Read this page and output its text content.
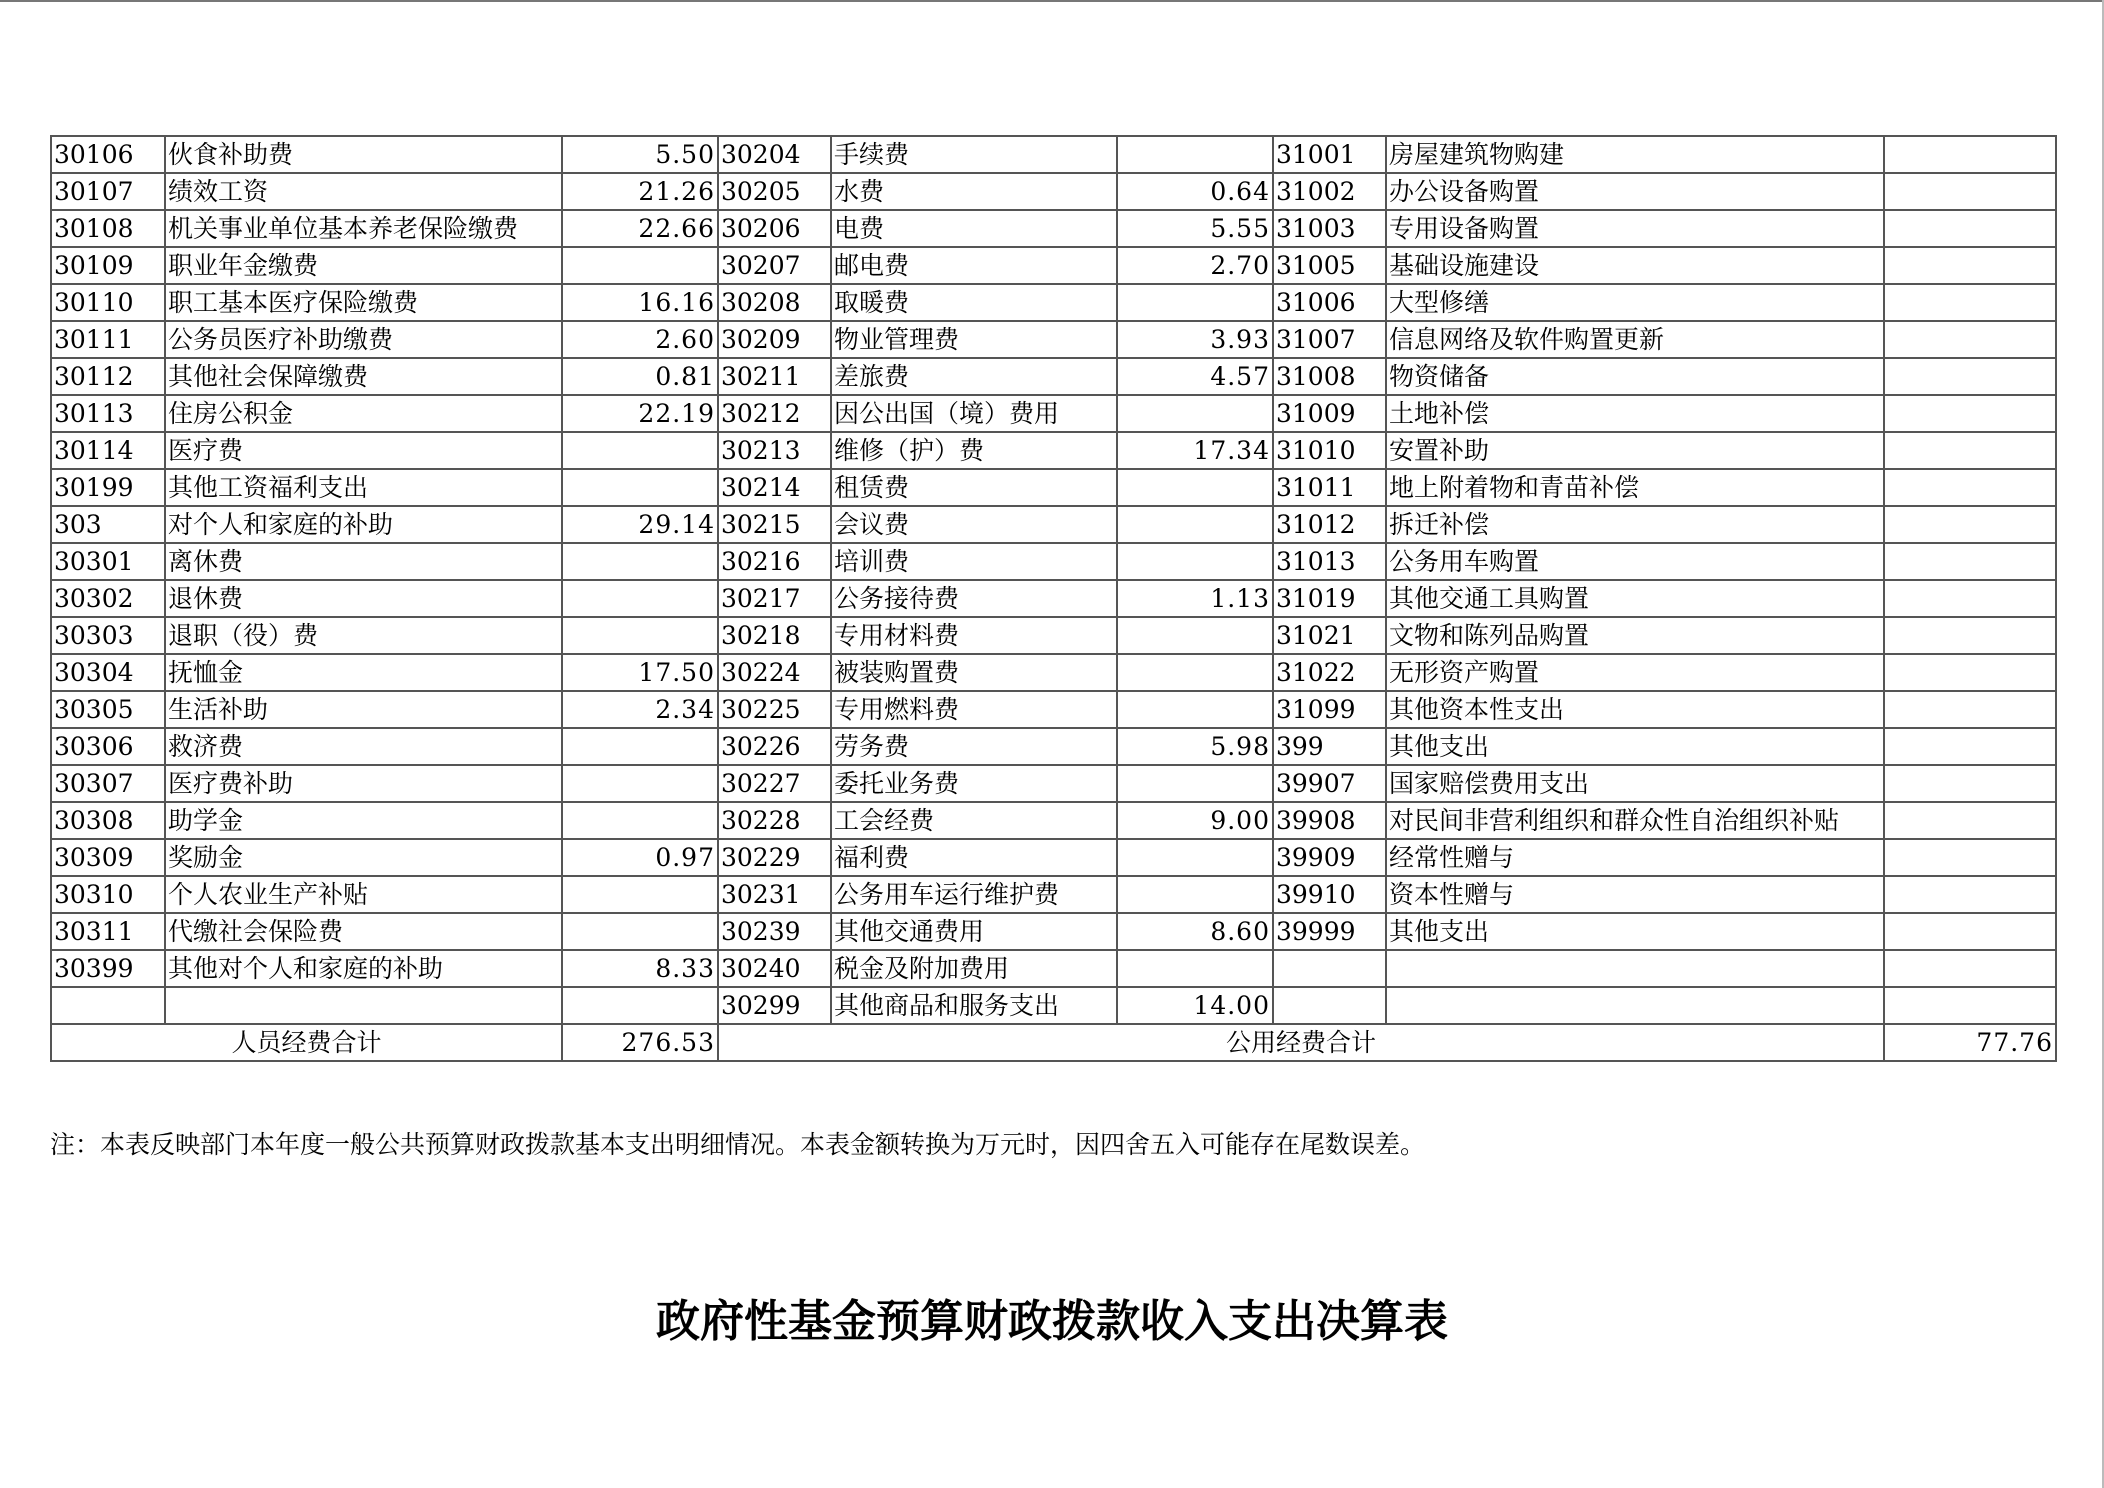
30106	伙食补助费	5.50	30204	手续费		31001	房屋建筑物购建	
30107	绩效工资	21.26	30205	水费	0.64	31002	办公设备购置	
30108	机关事业单位基本养老保险缴费	22.66	30206	电费	5.55	31003	专用设备购置	
30109	职业年金缴费		30207	邮电费	2.70	31005	基础设施建设	
30110	职工基本医疗保险缴费	16.16	30208	取暖费		31006	大型修缮	
30111	公务员医疗补助缴费	2.60	30209	物业管理费	3.93	31007	信息网络及软件购置更新	
30112	其他社会保障缴费	0.81	30211	差旅费	4.57	31008	物资储备	
30113	住房公积金	22.19	30212	因公出国（境）费用		31009	土地补偿	
30114	医疗费		30213	维修（护）费	17.34	31010	安置补助	
30199	其他工资福利支出		30214	租赁费		31011	地上附着物和青苗补偿	
303	对个人和家庭的补助	29.14	30215	会议费		31012	拆迁补偿	
30301	离休费		30216	培训费		31013	公务用车购置	
30302	退休费		30217	公务接待费	1.13	31019	其他交通工具购置	
30303	退职（役）费		30218	专用材料费		31021	文物和陈列品购置	
30304	抚恤金	17.50	30224	被装购置费		31022	无形资产购置	
30305	生活补助	2.34	30225	专用燃料费		31099	其他资本性支出	
30306	救济费		30226	劳务费	5.98	399	其他支出	
30307	医疗费补助		30227	委托业务费		39907	国家赔偿费用支出	
30308	助学金		30228	工会经费	9.00	39908	对民间非营利组织和群众性自治组织补贴	
30309	奖励金	0.97	30229	福利费		39909	经常性赠与	
30310	个人农业生产补贴		30231	公务用车运行维护费		39910	资本性赠与	
30311	代缴社会保险费		30239	其他交通费用	8.60	39999	其他支出	
30399	其他对个人和家庭的补助	8.33	30240	税金及附加费用				
			30299	其他商品和服务支出	14.00			
人员经费合计		276.53	公用经费合计					77.76
注：本表反映部门本年度一般公共预算财政拨款基本支出明细情况。本表金额转换为万元时，因四舍五入可能存在尾数误差。
政府性基金预算财政拨款收入支出决算表
